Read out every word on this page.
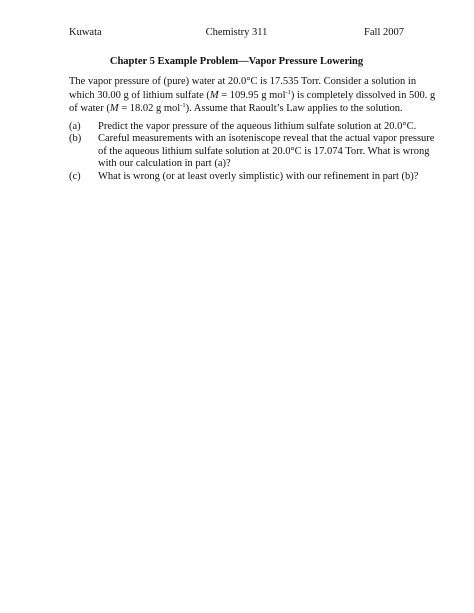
Kuwata	Chemistry 311	Fall 2007
Chapter 5 Example Problem—Vapor Pressure Lowering
The vapor pressure of (pure) water at 20.0°C is 17.535 Torr. Consider a solution in
which 30.00 g of lithium sulfate (M = 109.95 g mol$^{-1}$) is completely dissolved in 500. g
of water (M = 18.02 g mol$^{-1}$). Assume that Raoult’s Law applies to the solution.
(a) Predict the vapor pressure of the aqueous lithium sulfate solution at 20.0°C.
(b) Careful measurements with an isoteniscope reveal that the actual vapor pressure
of the aqueous lithium sulfate solution at 20.0°C is 17.074 Torr. What is wrong
with our calculation in part (a)?
(c) What is wrong (or at least overly simplistic) with our refinement in part (b)?
